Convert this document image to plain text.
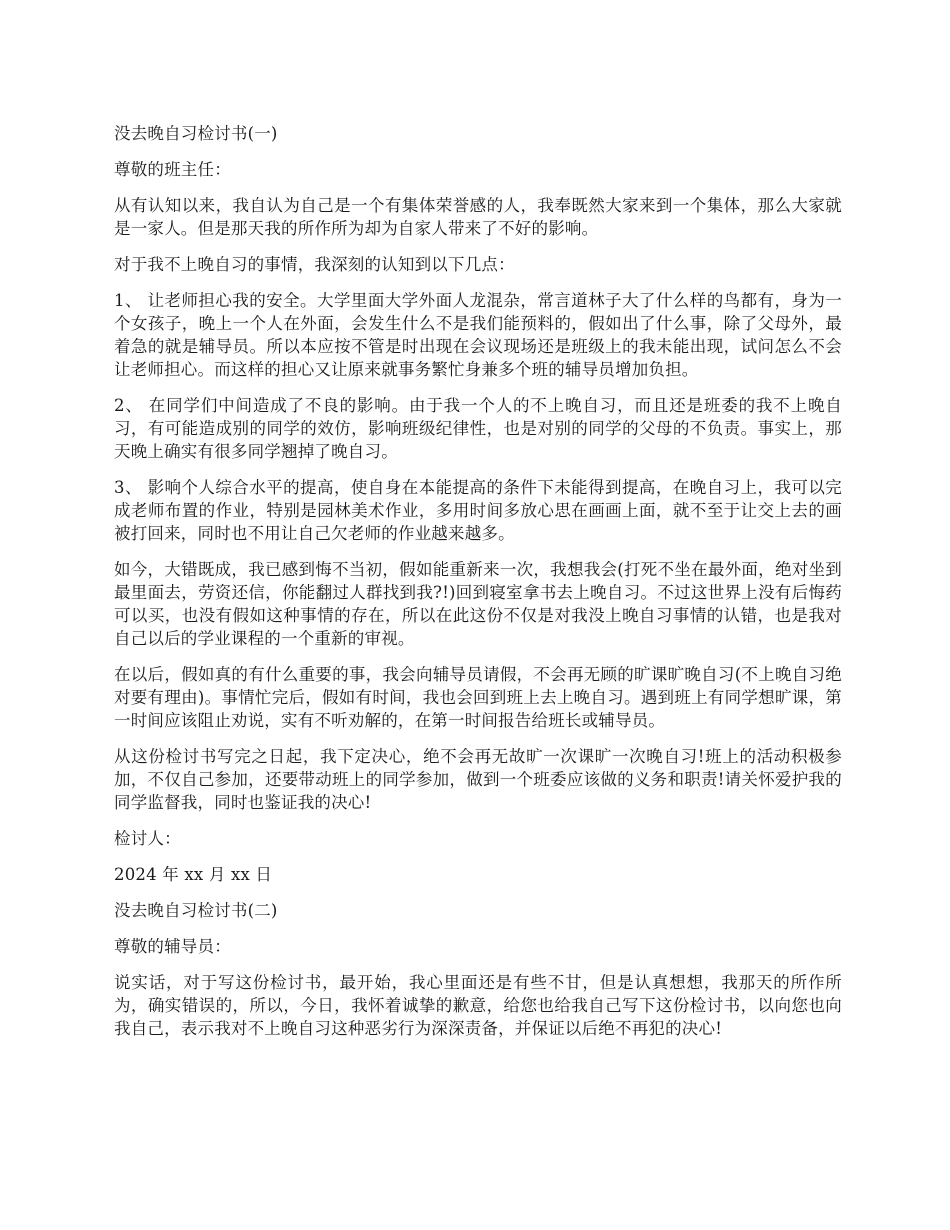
没去晚自习检讨书(一)

尊敬的班主任：

从有认知以来，我自认为自己是一个有集体荣誉感的人，我奉既然大家来到一个集体，那么大家就是一家人。但是那天我的所作所为却为自家人带来了不好的影响。

对于我不上晚自习的事情，我深刻的认知到以下几点：

1、 让老师担心我的安全。大学里面大学外面人龙混杂，常言道林子大了什么样的鸟都有，身为一个女孩子，晚上一个人在外面，会发生什么不是我们能预料的，假如出了什么事，除了父母外，最着急的就是辅导员。所以本应按不管是时出现在会议现场还是班级上的我未能出现，试问怎么不会让老师担心。而这样的担心又让原来就事务繁忙身兼多个班的辅导员增加负担。

2、 在同学们中间造成了不良的影响。由于我一个人的不上晚自习，而且还是班委的我不上晚自习，有可能造成别的同学的效仿，影响班级纪律性，也是对别的同学的父母的不负责。事实上，那天晚上确实有很多同学翘掉了晚自习。

3、 影响个人综合水平的提高，使自身在本能提高的条件下未能得到提高，在晚自习上，我可以完成老师布置的作业，特别是园林美术作业，多用时间多放心思在画画上面，就不至于让交上去的画被打回来，同时也不用让自己欠老师的作业越来越多。

如今，大错既成，我已感到悔不当初，假如能重新来一次，我想我会(打死不坐在最外面，绝对坐到最里面去，劳资还信，你能翻过人群找到我?!)回到寝室拿书去上晚自习。不过这世界上没有后悔药可以买，也没有假如这种事情的存在，所以在此这份不仅是对我没上晚自习事情的认错，也是我对自己以后的学业课程的一个重新的审视。

在以后，假如真的有什么重要的事，我会向辅导员请假，不会再无顾的旷课旷晚自习(不上晚自习绝对要有理由)。事情忙完后，假如有时间，我也会回到班上去上晚自习。遇到班上有同学想旷课，第一时间应该阻止劝说，实有不听劝解的，在第一时间报告给班长或辅导员。

从这份检讨书写完之日起，我下定决心，绝不会再无故旷一次课旷一次晚自习!班上的活动积极参加，不仅自己参加，还要带动班上的同学参加，做到一个班委应该做的义务和职责!请关怀爱护我的同学监督我，同时也鉴证我的决心!

检讨人：

2024 年 xx 月 xx 日

没去晚自习检讨书(二)

尊敬的辅导员：

说实话，对于写这份检讨书，最开始，我心里面还是有些不甘，但是认真想想，我那天的所作所为，确实错误的，所以，今日，我怀着诚挚的歉意，给您也给我自己写下这份检讨书，以向您也向我自己，表示我对不上晚自习这种恶劣行为深深责备，并保证以后绝不再犯的决心!
